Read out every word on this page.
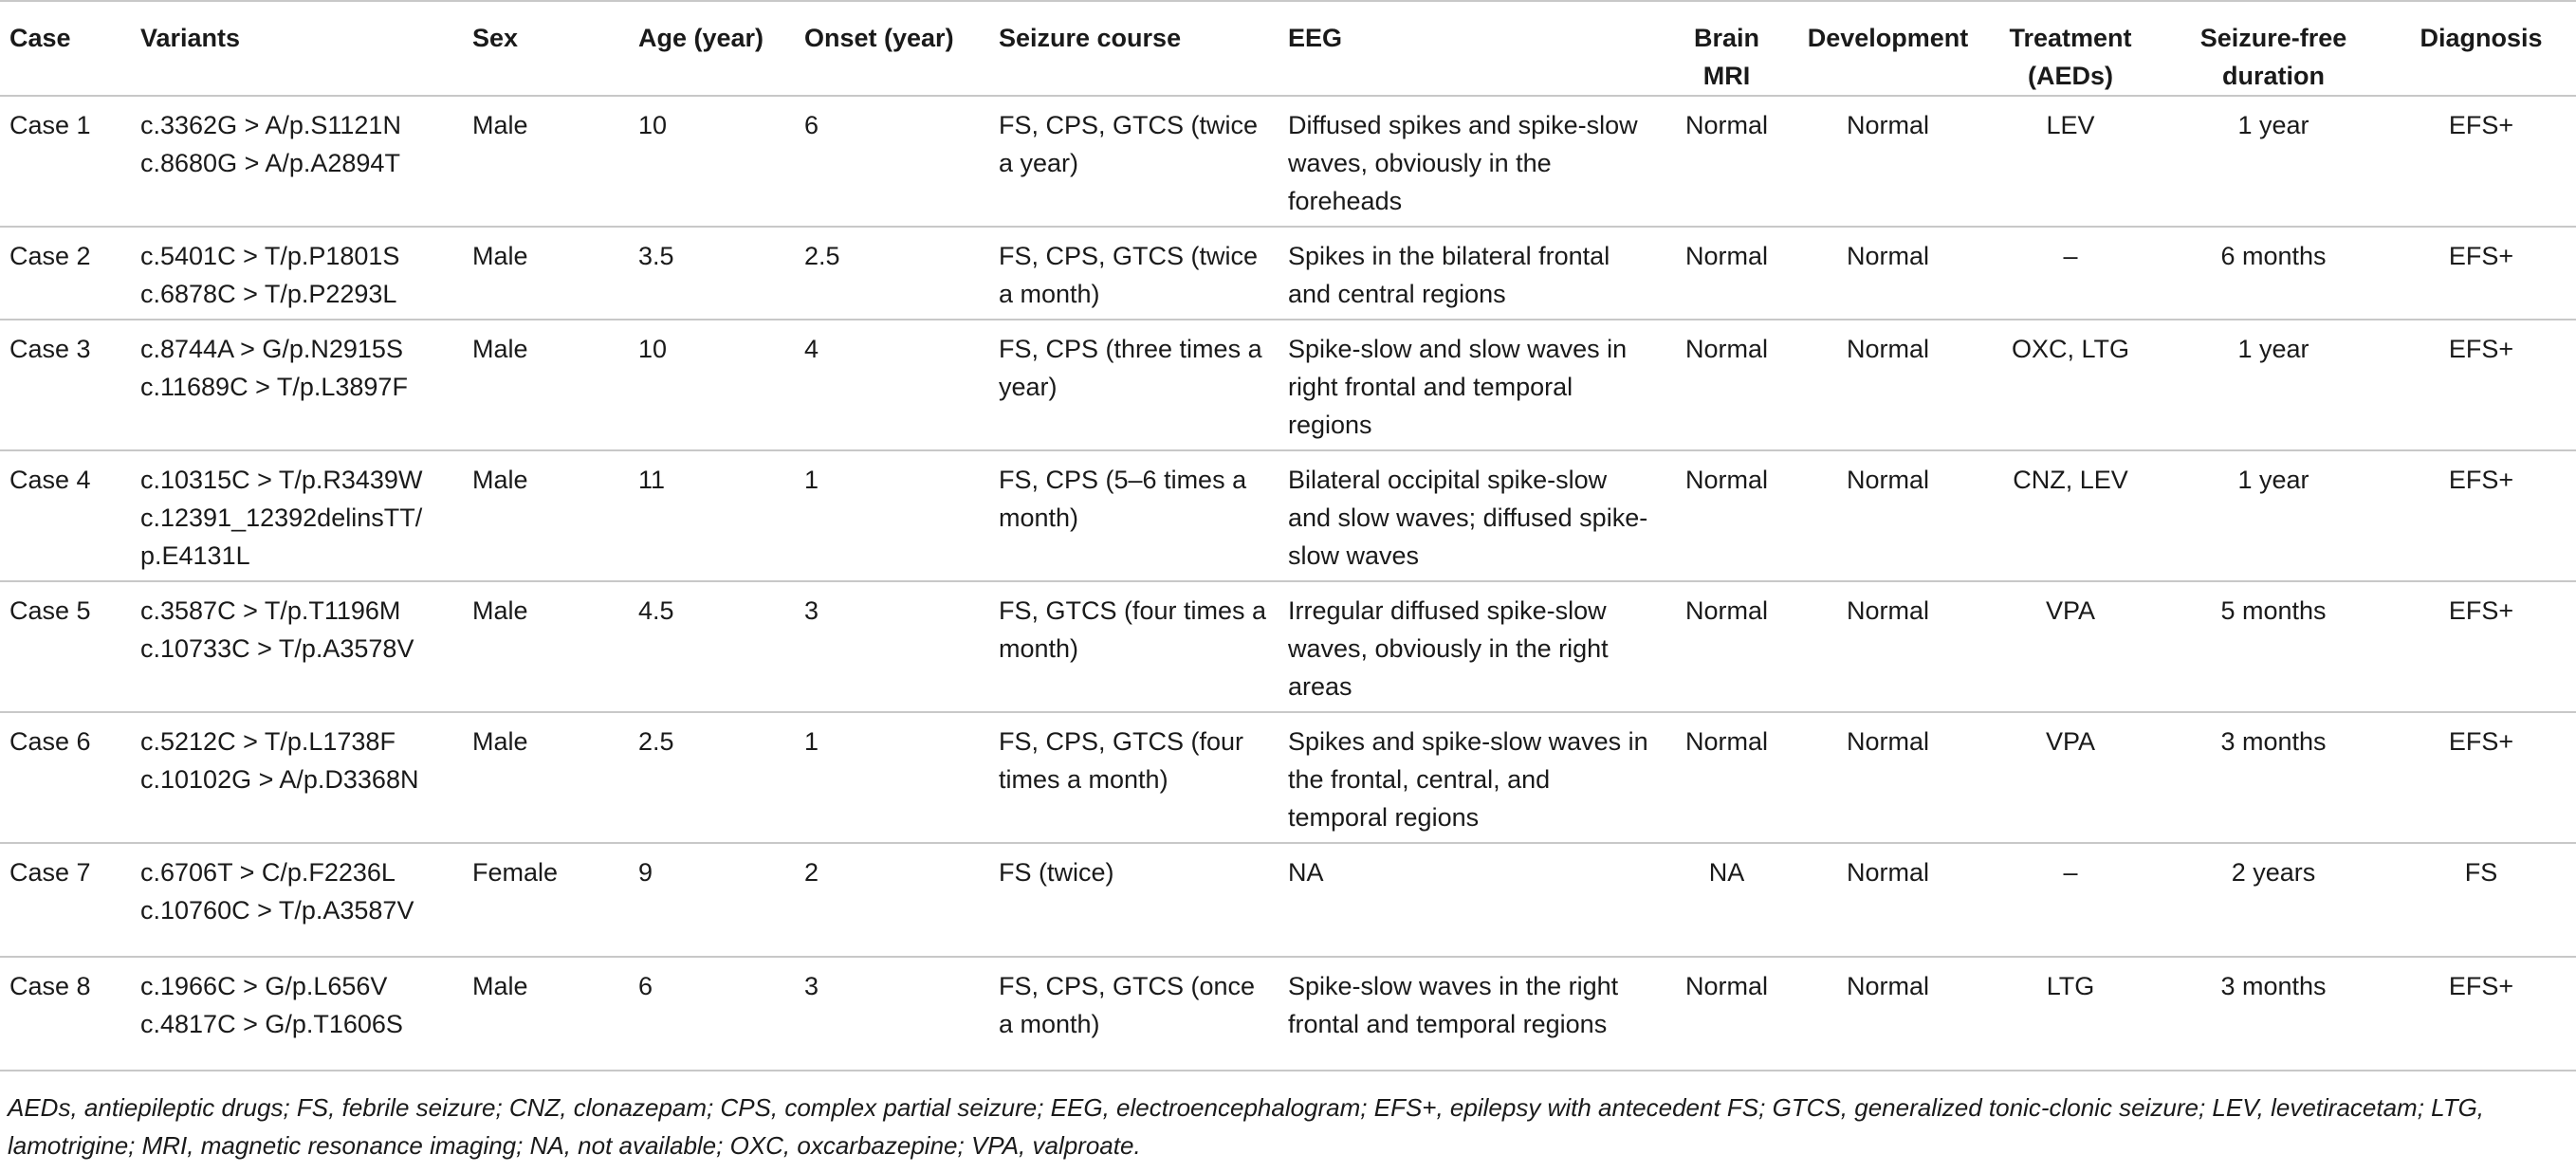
Case	Variants	Sex	Age (year)	Onset (year)	Seizure course	EEG	Brain MRI	Development	Treatment (AEDs)	Seizure-free duration	Diagnosis
Case 1	c.3362G > A/p.S1121N c.8680G > A/p.A2894T	Male	10	6	FS, CPS, GTCS (twice a year)	Diffused spikes and spike-slow waves, obviously in the foreheads	Normal	Normal	LEV	1 year	EFS+
Case 2	c.5401C > T/p.P1801S c.6878C > T/p.P2293L	Male	3.5	2.5	FS, CPS, GTCS (twice a month)	Spikes in the bilateral frontal and central regions	Normal	Normal	–	6 months	EFS+
Case 3	c.8744A > G/p.N2915S c.11689C > T/p.L3897F	Male	10	4	FS, CPS (three times a year)	Spike-slow and slow waves in right frontal and temporal regions	Normal	Normal	OXC, LTG	1 year	EFS+
Case 4	c.10315C > T/p.R3439W c.12391_12392delinsTT/ p.E4131L	Male	11	1	FS, CPS (5–6 times a month)	Bilateral occipital spike-slow and slow waves; diffused spike-slow waves	Normal	Normal	CNZ, LEV	1 year	EFS+
Case 5	c.3587C > T/p.T1196M c.10733C > T/p.A3578V	Male	4.5	3	FS, GTCS (four times a month)	Irregular diffused spike-slow waves, obviously in the right areas	Normal	Normal	VPA	5 months	EFS+
Case 6	c.5212C > T/p.L1738F c.10102G > A/p.D3368N	Male	2.5	1	FS, CPS, GTCS (four times a month)	Spikes and spike-slow waves in the frontal, central, and temporal regions	Normal	Normal	VPA	3 months	EFS+
Case 7	c.6706T > C/p.F2236L c.10760C > T/p.A3587V	Female	9	2	FS (twice)	NA	NA	Normal	–	2 years	FS
Case 8	c.1966C > G/p.L656V c.4817C > G/p.T1606S	Male	6	3	FS, CPS, GTCS (once a month)	Spike-slow waves in the right frontal and temporal regions	Normal	Normal	LTG	3 months	EFS+
AEDs, antiepileptic drugs; FS, febrile seizure; CNZ, clonazepam; CPS, complex partial seizure; EEG, electroencephalogram; EFS+, epilepsy with antecedent FS; GTCS, generalized tonic-clonic seizure; LEV, levetiracetam; LTG, lamotrigine; MRI, magnetic resonance imaging; NA, not available; OXC, oxcarbazepine; VPA, valproate.
